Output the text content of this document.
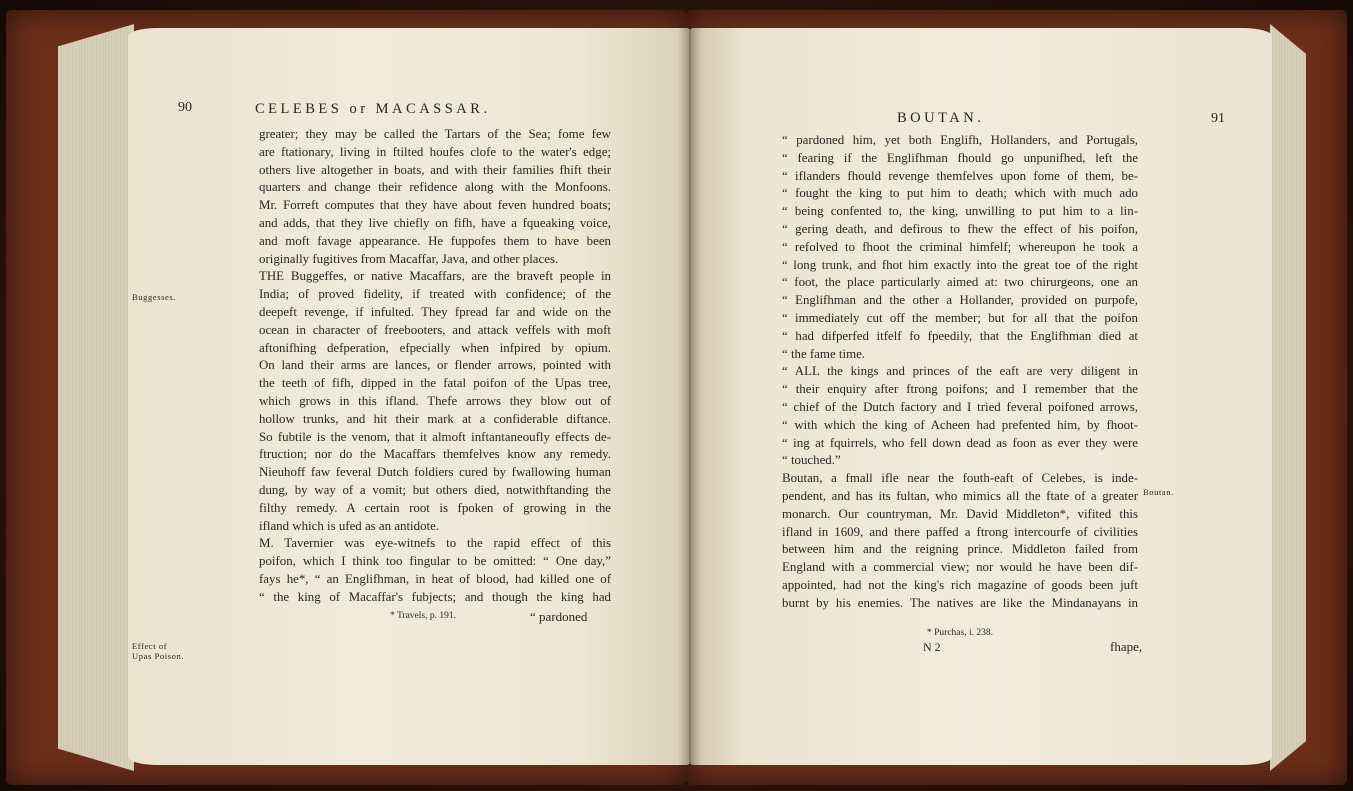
90	CELEBES or MACASSAR.
Buggesses.
Effect of
Upas Poison.
greater; they may be called the Tartars of the Sea; fome few
are ftationary, living in ftilted houfes clofe to the water's edge;
others live altogether in boats, and with their families fhift their
quarters and change their refidence along with the Monfoons.
Mr. Forreft computes that they have about feven hundred boats;
and adds, that they live chiefly on fifh, have a fqueaking voice,
and moft favage appearance. He fuppofes them to have been
originally fugitives from Macaffar, Java, and other places.
THE Buggeffes, or native Macaffars, are the braveft people in
India; of proved fidelity, if treated with confidence; of the
deepeft revenge, if infulted. They fpread far and wide on the
ocean in character of freebooters, and attack veffels with moft
aftonifhing defperation, efpecially when infpired by opium.
On land their arms are lances, or flender arrows, pointed with
the teeth of fifh, dipped in the fatal poifon of the Upas tree,
which grows in this ifland. Thefe arrows they blow out of
hollow trunks, and hit their mark at a confiderable diftance.
So fubtile is the venom, that it almoft inftantaneoufly effects de-
ftruction; nor do the Macaffars themfelves know any remedy.
Nieuhoff faw feveral Dutch foldiers cured by fwallowing human
dung, by way of a vomit; but others died, notwithftanding the
filthy remedy. A certain root is fpoken of growing in the
ifland which is ufed as an antidote.
M. Tavernier was eye-witnefs to the rapid effect of this
poifon, which I think too fingular to be omitted: “ One day,”
fays he*, “ an Englifhman, in heat of blood, had killed one of
“ the king of Macaffar's fubjects; and though the king had
* Travels, p. 191.	“ pardoned
BOUTAN.	91
“ pardoned him, yet both Englifh, Hollanders, and Portugals,
“ fearing if the Englifhman fhould go unpunifhed, left the
“ iflanders fhould revenge themfelves upon fome of them, be-
“ fought the king to put him to death; which with much ado
“ being confented to, the king, unwilling to put him to a lin-
“ gering death, and defirous to fhew the effect of his poifon,
“ refolved to fhoot the criminal himfelf; whereupon he took a
“ long trunk, and fhot him exactly into the great toe of the right
“ foot, the place particularly aimed at: two chirurgeons, one an
“ Englifhman and the other a Hollander, provided on purpofe,
“ immediately cut off the member; but for all that the poifon
“ had difperfed itfelf fo fpeedily, that the Englifhman died at
“ the fame time.
“ ALL the kings and princes of the eaft are very diligent in
“ their enquiry after ftrong poifons; and I remember that the
“ chief of the Dutch factory and I tried feveral poifoned arrows,
“ with which the king of Acheen had prefented him, by fhoot-
“ ing at fquirrels, who fell down dead as foon as ever they were
“ touched.”
Boutan, a fmall ifle near the fouth-eaft of Celebes, is inde-
pendent, and has its fultan, who mimics all the ftate of a greater
monarch. Our countryman, Mr. David Middleton*, vifited this
ifland in 1609, and there paffed a ftrong intercourfe of civilities
between him and the reigning prince. Middleton failed from
England with a commercial view; nor would he have been dif-
appointed, had not the king's rich magazine of goods been juft
burnt by his enemies. The natives are like the Mindanayans in
Boutan.
* Purchas, i. 238.
N 2	fhape,
